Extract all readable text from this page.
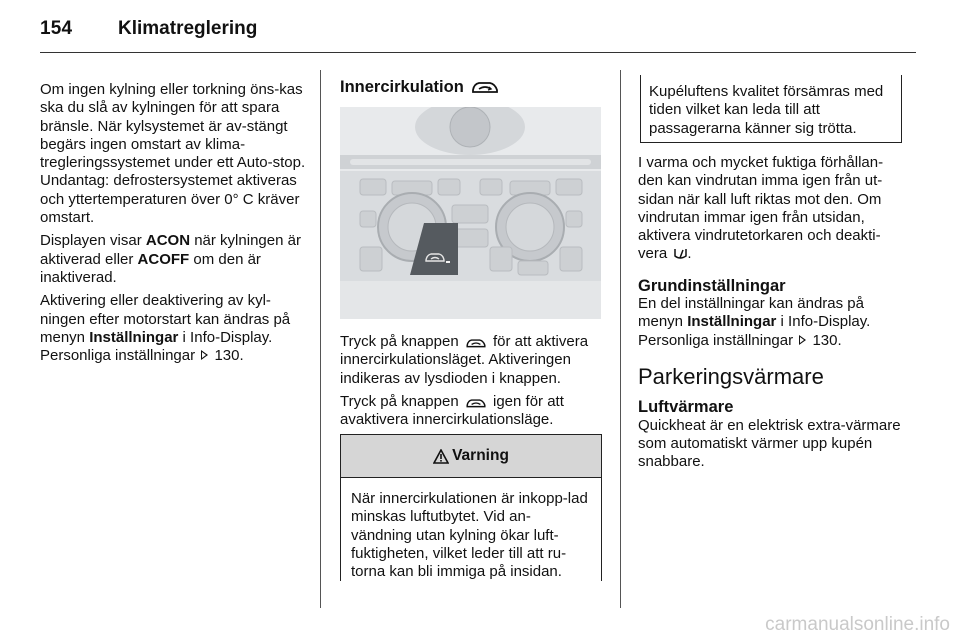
154 Klimatreglering

Om ingen kylning eller torkning öns-kas ska du slå av kylningen för att spara bränsle. När kylsystemet är av-stängt begärs ingen omstart av klima-tregleringssystemet under ett Auto-stop. Undantag: defrostersystemet aktiveras och yttertemperaturen över 0° C kräver omstart.

Displayen visar ACON när kylningen är aktiverad eller ACOFF om den är inaktiverad.

Aktivering eller deaktivering av kyl-ningen efter motorstart kan ändras på menyn Inställningar i Info-Display. Personliga inställningar  130.

Innercirkulation

Tryck på knappen  för att aktivera innercirkulationsläget. Aktiveringen indikeras av lysdioden i knappen.

Tryck på knappen  igen för att avaktivera innercirkulationsläge.

Varning
När innercirkulationen är inkopp-lad minskas luftutbytet. Vid an-vändning utan kylning ökar luft-fuktigheten, vilket leder till att ru-torna kan bli immiga på insidan.
Kupéluftens kvalitet försämras med tiden vilket kan leda till att passagerarna känner sig trötta.

I varma och mycket fuktiga förhållan-den kan vindrutan imma igen från ut-sidan när kall luft riktas mot den. Om vindrutan immar igen från utsidan, aktivera vindrutetorkaren och deakti-vera .

Grundinställningar

En del inställningar kan ändras på menyn Inställningar i Info-Display. Personliga inställningar  130.

Parkeringsvärmare
Luftvärmare

Quickheat är en elektrisk extra-värmare som automatiskt värmer upp kupén snabbare.

carmanualsonline.info
